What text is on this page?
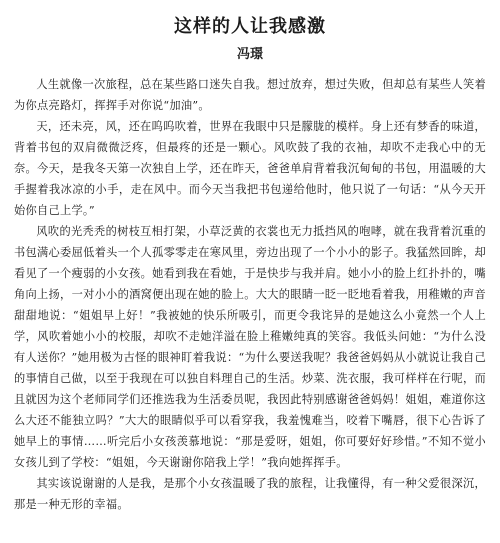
这样的人让我感激
冯璟

人生就像一次旅程，总在某些路口迷失自我。想过放弃，想过失败，但却总有某些人笑着为你点亮路灯，挥挥手对你说“加油”。

天，还未亮，风，还在呜呜吹着，世界在我眼中只是朦胧的模样。身上还有梦香的味道，背着书包的双肩微微泛疼，但最疼的还是一颗心。风吹鼓了我的衣袖，却吹不走我心中的无奈。今天，是我冬天第一次独自上学，还在昨天，爸爸单肩背着我沉甸甸的书包，用温暖的大手握着我冰凉的小手，走在风中。而今天当我把书包递给他时，他只说了一句话：“从今天开始你自己上学。”

风吹的光秃秃的树枝互相打架，小草泛黄的衣裳也无力抵挡风的咆哮，就在我背着沉重的书包满心委屈低着头一个人孤零零走在寒风里，旁边出现了一个小小的影子。我猛然回眸，却看见了一个瘦弱的小女孩。她看到我在看她，于是快步与我并肩。她小小的脸上红扑扑的，嘴角向上扬，一对小小的酒窝便出现在她的脸上。大大的眼睛一眨一眨地看着我，用稚嫩的声音甜甜地说：“姐姐早上好！”我被她的快乐所吸引，而更令我诧异的是她这么小竟然一个人上学，风吹着她小小的校服，却吹不走她洋溢在脸上稚嫩纯真的笑容。我低头问她：“为什么没有人送你？”她用极为古怪的眼神盯着我说：“为什么要送我呢？我爸爸妈妈从小就说让我自己的事情自己做，以至于我现在可以独自料理自己的生活。炒菜、洗衣服，我可样样在行呢，而且就因为这个老师同学们还推选我为生活委员呢，我因此特别感谢爸爸妈妈！姐姐，难道你这么大还不能独立吗？”大大的眼睛似乎可以看穿我，我羞愧难当，咬着下嘴唇，很下心告诉了她早上的事情……听完后小女孩羡慕地说：“那是爱呀，姐姐，你可要好好珍惜。”不知不觉小女孩儿到了学校：“姐姐，今天谢谢你陪我上学！”我向她挥挥手。

其实该说谢谢的人是我，是那个小女孩温暖了我的旅程，让我懂得，有一种父爱很深沉，那是一种无形的幸福。
